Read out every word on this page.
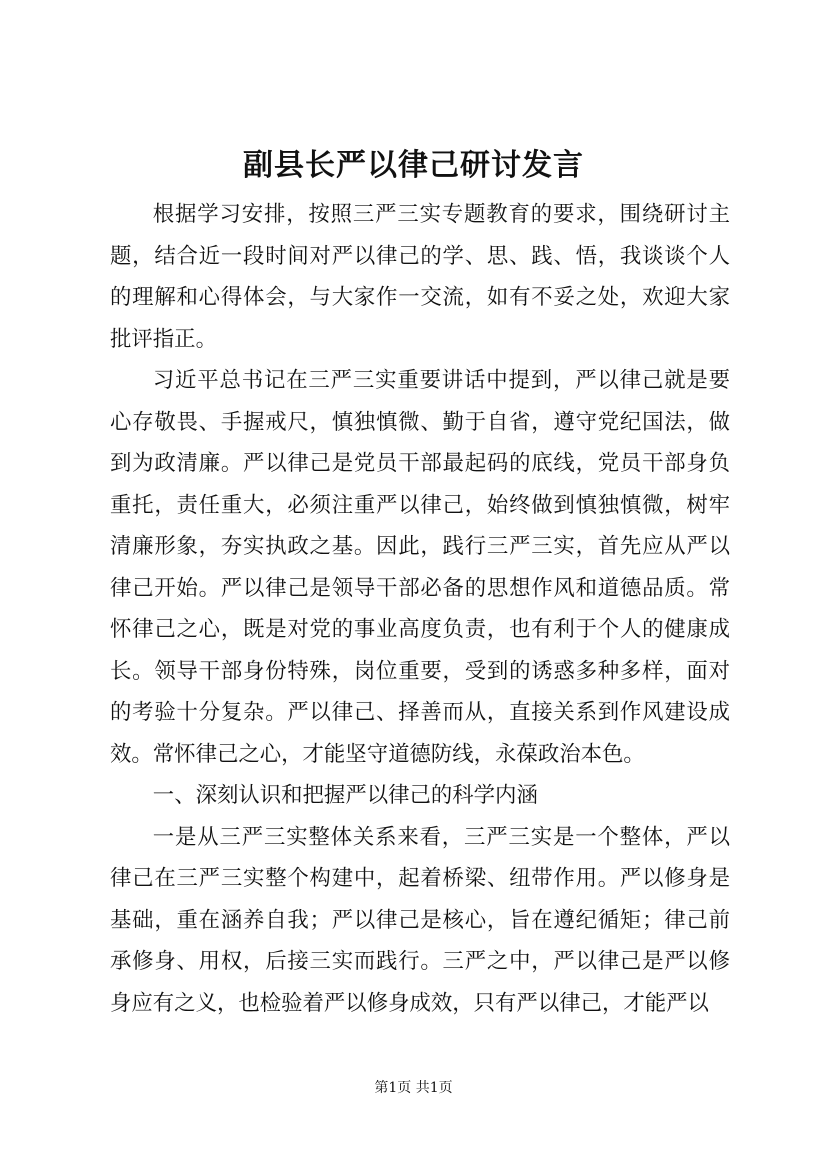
副县长严以律己研讨发言

根据学习安排，按照三严三实专题教育的要求，围绕研讨主题，结合近一段时间对严以律己的学、思、践、悟，我谈谈个人的理解和心得体会，与大家作一交流，如有不妥之处，欢迎大家批评指正。

习近平总书记在三严三实重要讲话中提到，严以律己就是要心存敬畏、手握戒尺，慎独慎微、勤于自省，遵守党纪国法，做到为政清廉。严以律己是党员干部最起码的底线，党员干部身负重托，责任重大，必须注重严以律己，始终做到慎独慎微，树牢清廉形象，夯实执政之基。因此，践行三严三实，首先应从严以律己开始。严以律己是领导干部必备的思想作风和道德品质。常怀律己之心，既是对党的事业高度负责，也有利于个人的健康成长。领导干部身份特殊，岗位重要，受到的诱惑多种多样，面对的考验十分复杂。严以律己、择善而从，直接关系到作风建设成效。常怀律己之心，才能坚守道德防线，永葆政治本色。

一、深刻认识和把握严以律己的科学内涵

一是从三严三实整体关系来看，三严三实是一个整体，严以律己在三严三实整个构建中，起着桥梁、纽带作用。严以修身是基础，重在涵养自我；严以律己是核心，旨在遵纪循矩；律己前承修身、用权，后接三实而践行。三严之中，严以律己是严以修身应有之义，也检验着严以修身成效，只有严以律己，才能严以

第1页 共1页
